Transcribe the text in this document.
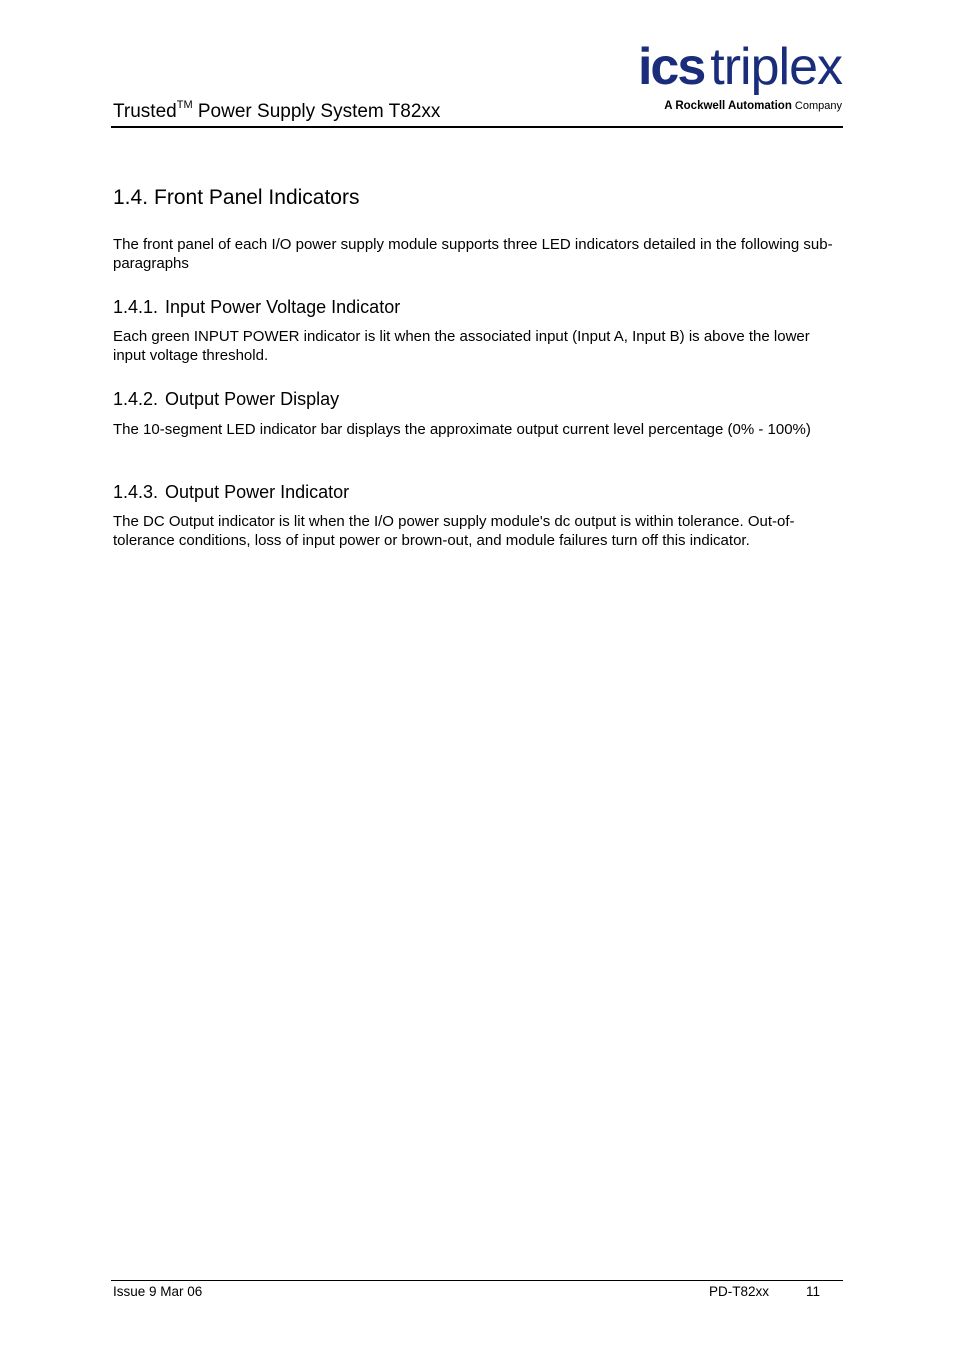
Trusted™ Power Supply System T82xx
ics triplex
A Rockwell Automation Company
1.4. Front Panel Indicators

The front panel of each I/O power supply module supports three LED indicators detailed in the following sub-paragraphs

1.4.1. Input Power Voltage Indicator

Each green INPUT POWER indicator is lit when the associated input (Input A, Input B) is above the lower input voltage threshold.

1.4.2. Output Power Display

The 10-segment LED indicator bar displays the approximate output current level percentage (0% - 100%)

1.4.3. Output Power Indicator

The DC Output indicator is lit when the I/O power supply module's dc output is within tolerance. Out-of-tolerance conditions, loss of input power or brown-out, and module failures turn off this indicator.

Issue 9 Mar 06	PD-T82xx	11
